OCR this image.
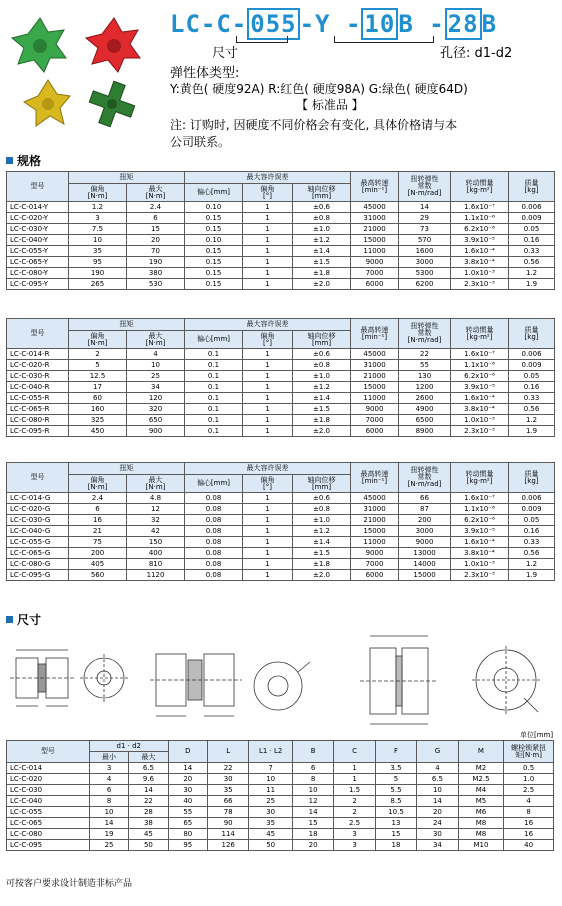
LC-C- 055 -Y - 10 B - 28 B
尺寸	孔径: d1-d2
弹性体类型:
Y:黄色( 硬度92A) R:红色( 硬度98A) G:绿色( 硬度64D)
【 标准品 】
注: 订购时, 因硬度不同价格会有变化, 具体价格请与本
公司联系。
规格
型号	扭矩		最大容许误差			最高转速
[min⁻¹]	扭转弹性
常数
[N·m/rad]	转动惯量
[kg·m²]	质量
[kg]
	偏角
[N·m]	最大
[N·m]	偏心[mm]	偏角
[°]	轴向位移
[mm]				
LC-C-014-Y	1.2	2.4	0.10	1	±0.6	45000	14	1.6x10⁻⁷	0.006
LC-C-020-Y	3	6	0.15	1	±0.8	31000	29	1.1x10⁻⁶	0.009
LC-C-030-Y	7.5	15	0.15	1	±1.0	21000	73	6.2x10⁻⁶	0.05
LC-C-040-Y	10	20	0.10	1	±1.2	15000	570	3.9x10⁻⁵	0.16
LC-C-055-Y	35	70	0.15	1	±1.4	11000	1600	1.6x10⁻⁴	0.33
LC-C-065-Y	95	190	0.15	1	±1.5	9000	3000	3.8x10⁻⁴	0.56
LC-C-080-Y	190	380	0.15	1	±1.8	7000	5300	1.0x10⁻³	1.2
LC-C-095-Y	265	530	0.15	1	±2.0	6000	6200	2.3x10⁻³	1.9
型号	扭矩		最大容许误差			最高转速
[min⁻¹]	扭转弹性
常数
[N·m/rad]	转动惯量
[kg·m²]	质量
[kg]
	偏角
[N·m]	最大
[N·m]	偏心[mm]	偏角
[°]	轴向位移
[mm]				
LC-C-014-R	2	4	0.1	1	±0.6	45000	22	1.6x10⁻⁷	0.006
LC-C-020-R	5	10	0.1	1	±0.8	31000	55	1.1x10⁻⁶	0.009
LC-C-030-R	12.5	25	0.1	1	±1.0	21000	130	6.2x10⁻⁶	0.05
LC-C-040-R	17	34	0.1	1	±1.2	15000	1200	3.9x10⁻⁵	0.16
LC-C-055-R	60	120	0.1	1	±1.4	11000	2600	1.6x10⁻⁴	0.33
LC-C-065-R	160	320	0.1	1	±1.5	9000	4900	3.8x10⁻⁴	0.56
LC-C-080-R	325	650	0.1	1	±1.8	7000	6500	1.0x10⁻³	1.2
LC-C-095-R	450	900	0.1	1	±2.0	6000	8900	2.3x10⁻³	1.9
型号	扭矩		最大容许误差			最高转速
[min⁻¹]	扭转弹性
常数
[N·m/rad]	转动惯量
[kg·m²]	质量
[kg]
	偏角
[N·m]	最大
[N·m]	偏心[mm]	偏角
[°]	轴向位移
[mm]				
LC-C-014-G	2.4	4.8	0.08	1	±0.6	45000	66	1.6x10⁻⁷	0.006
LC-C-020-G	6	12	0.08	1	±0.8	31000	87	1.1x10⁻⁶	0.009
LC-C-030-G	16	32	0.08	1	±1.0	21000	200	6.2x10⁻⁶	0.05
LC-C-040-G	21	42	0.08	1	±1.2	15000	3000	3.9x10⁻⁵	0.16
LC-C-055-G	75	150	0.08	1	±1.4	11000	9000	1.6x10⁻⁴	0.33
LC-C-065-G	200	400	0.08	1	±1.5	9000	13000	3.8x10⁻⁴	0.56
LC-C-080-G	405	810	0.08	1	±1.8	7000	14000	1.0x10⁻³	1.2
LC-C-095-G	560	1120	0.08	1	±2.0	6000	15000	2.3x10⁻³	1.9
尺寸
单位[mm]
型号	d1 · d2		D	L	L1 · L2	B	C	F	G	M	螺栓锁紧扭
矩[N·m]
	最小	最大									
LC-C-014	3	6.5	14	22	7	6	1	3.5	4	M2	0.5
LC-C-020	4	9.6	20	30	10	8	1	5	6.5	M2.5	1.0
LC-C-030	6	14	30	35	11	10	1.5	5.5	10	M4	2.5
LC-C-040	8	22	40	66	25	12	2	8.5	14	M5	4
LC-C-055	10	28	55	78	30	14	2	10.5	20	M6	8
LC-C-065	14	38	65	90	35	15	2.5	13	24	M8	16
LC-C-080	19	45	80	114	45	18	3	15	30	M8	16
LC-C-095	25	50	95	126	50	20	3	18	34	M10	40
可按客户要求设计制造非标产品
